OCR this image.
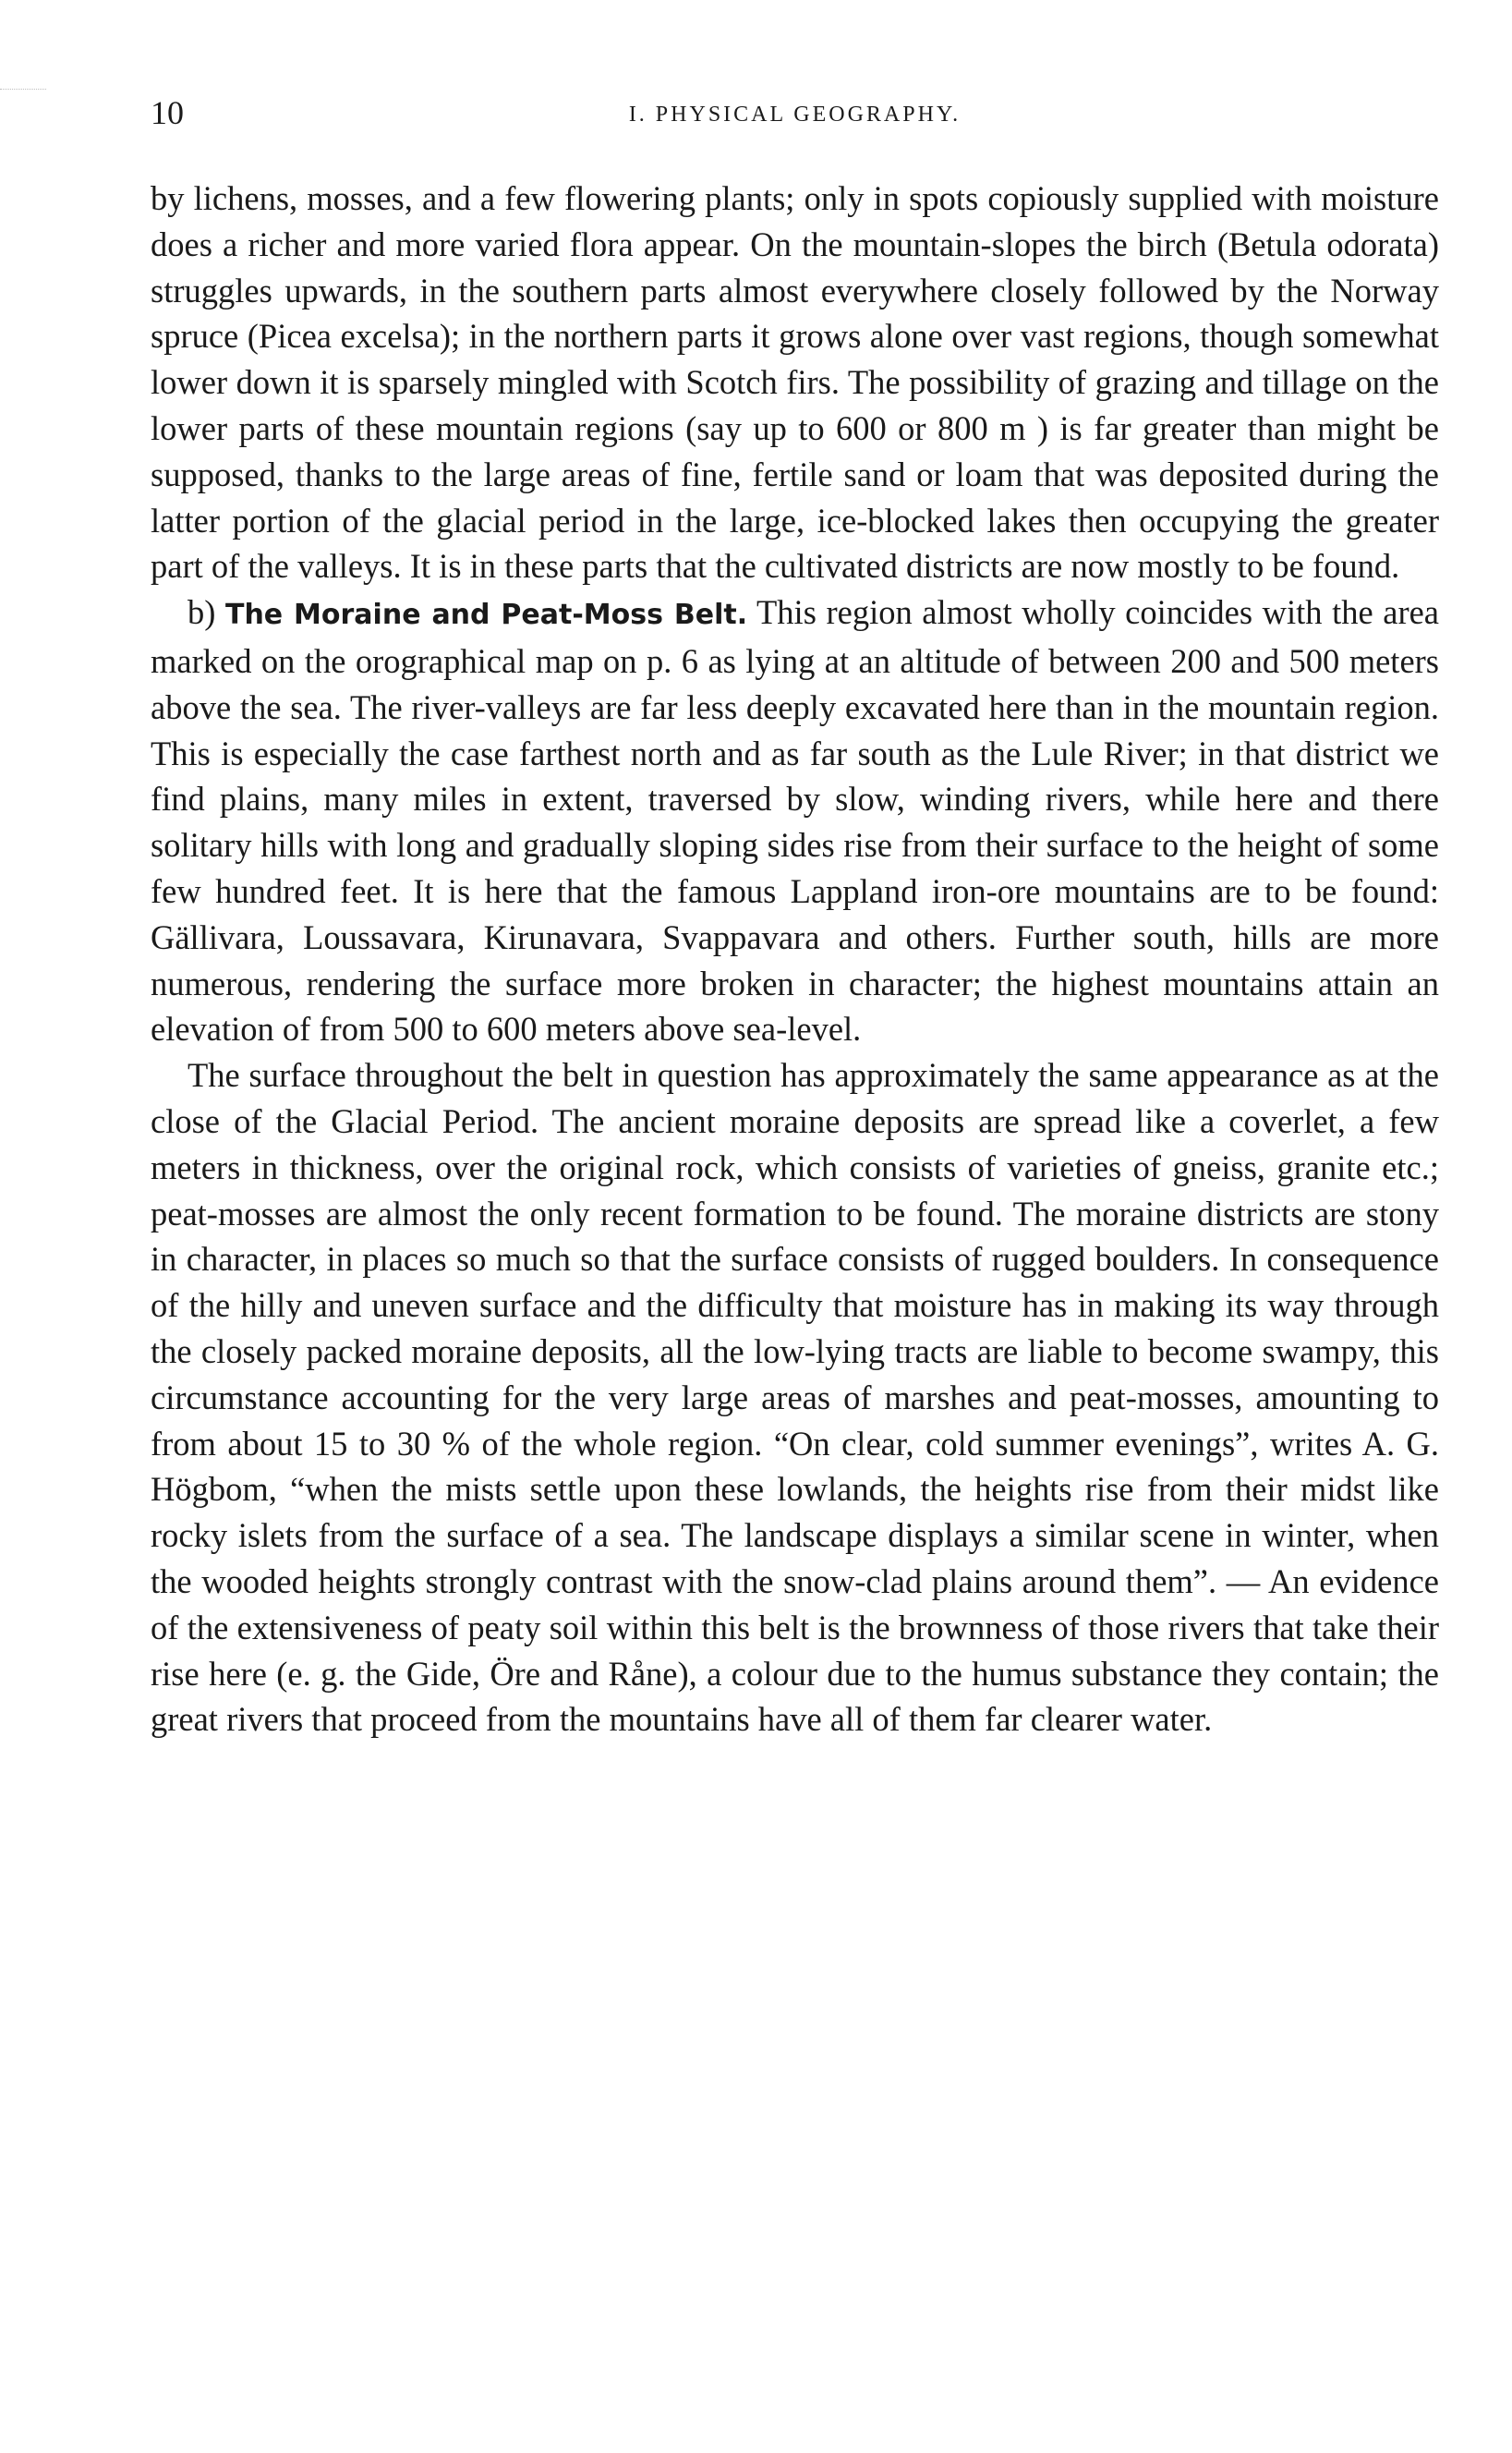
10	I. PHYSICAL GEOGRAPHY.

by lichens, mosses, and a few flowering plants; only in spots copiously supplied with moisture does a richer and more varied flora appear. On the mountain-slopes the birch (Betula odorata) struggles upwards, in the southern parts almost everywhere closely followed by the Norway spruce (Picea excelsa); in the northern parts it grows alone over vast regions, though somewhat lower down it is sparsely mingled with Scotch firs. The possibility of grazing and tillage on the lower parts of these mountain regions (say up to 600 or 800 m ) is far greater than might be supposed, thanks to the large areas of fine, fertile sand or loam that was deposited during the latter portion of the glacial period in the large, ice-blocked lakes then occupying the greater part of the valleys. It is in these parts that the cultivated districts are now mostly to be found.

b) The Moraine and Peat-Moss Belt. This region almost wholly coincides with the area marked on the orographical map on p. 6 as lying at an altitude of between 200 and 500 meters above the sea. The river-valleys are far less deeply excavated here than in the mountain region. This is especially the case farthest north and as far south as the Lule River; in that district we find plains, many miles in extent, traversed by slow, winding rivers, while here and there solitary hills with long and gradually sloping sides rise from their surface to the height of some few hundred feet. It is here that the famous Lappland iron-ore mountains are to be found: Gällivara, Loussavara, Kirunavara, Svappavara and others. Further south, hills are more numerous, rendering the surface more broken in character; the highest mountains attain an elevation of from 500 to 600 meters above sea-level.

The surface throughout the belt in question has approximately the same appearance as at the close of the Glacial Period. The ancient moraine deposits are spread like a coverlet, a few meters in thickness, over the original rock, which consists of varieties of gneiss, granite etc.; peat-mosses are almost the only recent formation to be found. The moraine districts are stony in character, in places so much so that the surface consists of rugged boulders. In consequence of the hilly and uneven surface and the difficulty that moisture has in making its way through the closely packed moraine deposits, all the low-lying tracts are liable to become swampy, this circumstance accounting for the very large areas of marshes and peat-mosses, amounting to from about 15 to 30 % of the whole region. “On clear, cold summer evenings”, writes A. G. Högbom, “when the mists settle upon these lowlands, the heights rise from their midst like rocky islets from the surface of a sea. The landscape displays a similar scene in winter, when the wooded heights strongly contrast with the snow-clad plains around them”. — An evidence of the extensiveness of peaty soil within this belt is the brownness of those rivers that take their rise here (e. g. the Gide, Öre and Råne), a colour due to the humus substance they contain; the great rivers that proceed from the mountains have all of them far clearer water.
